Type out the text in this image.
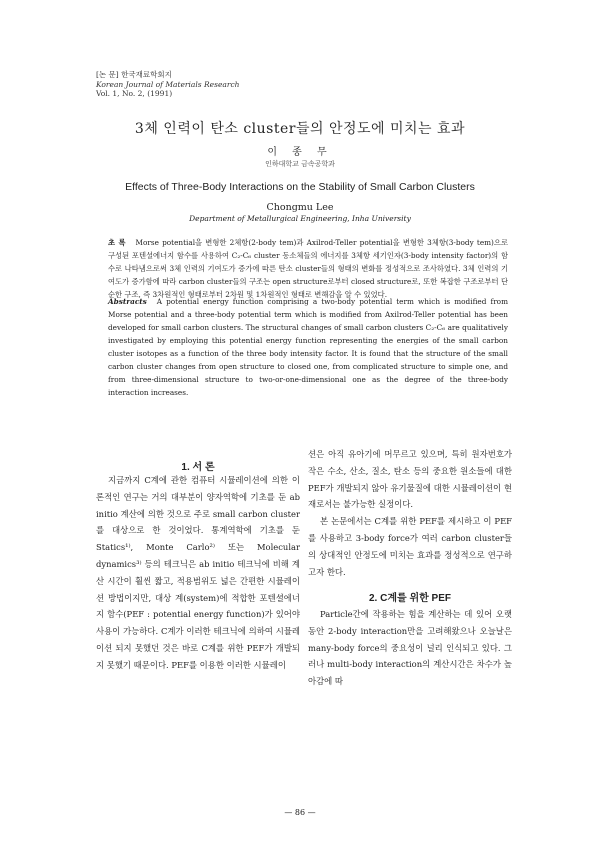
[논 문] 한국재료학회지
Korean Journal of Materials Research
Vol. 1, No. 2, (1991)
3체 인력이 탄소 cluster들의 안정도에 미치는 효과
이 종 무
인하대학교 금속공학과
Effects of Three-Body Interactions on the Stability of Small Carbon Clusters
Chongmu Lee
Department of Metallurgical Engineering, Inha University
초 록 Morse potential을 변형한 2체항(2-body tem)과 Axilrod-Teller potential을 변형한 3체항(3-body tem)으로 구성된 포텐셜에너지 함수를 사용하여 C₂-C₆ cluster 동소체들의 에너지를 3체항 세기인자(3-body intensity factor)의 함수로 나타냄으로써 3체 인력의 기여도가 증가에 따른 탄소 cluster들의 형태의 변화를 정성적으로 조사하였다. 3체 인력의 기여도가 증가함에 따라 carbon cluster들의 구조는 open structure로부터 closed structure로, 또한 복잡한 구조로부터 단순한 구조, 즉 3차원적인 형태로부터 2차원 및 1차원적인 형태로 변해감을 알 수 있었다.
Abstracts A potential energy function comprising a two-body potential term which is modified from Morse potential and a three-body potential term which is modified from Axilrod-Teller potential has been developed for small carbon clusters. The structural changes of small carbon clusters C₂-C₆ are qualitatively investigated by employing this potential energy function representing the energies of the small carbon cluster isotopes as a function of the three body intensity factor. It is found that the structure of the small carbon cluster changes from open structure to closed one, from complicated structure to simple one, and from three-dimensional structure to two-or-one-dimensional one as the degree of the three-body interaction increases.
1. 서 론

지금까지 C계에 관한 컴퓨터 시뮬레이션에 의한 이론적인 연구는 거의 대부분이 양자역학에 기초를 둔 ab initio 계산에 의한 것으로 주로 small carbon cluster를 대상으로 한 것이었다. 통계역학에 기초를 둔 Statics¹⁾, Monte Carlo²⁾ 또는 Molecular dynamics³⁾ 등의 테크닉은 ab initio 테크닉에 비해 계산 시간이 훨씬 짧고, 적용범위도 넓은 간편한 시뮬레이션 방법이지만, 대상 계(system)에 적합한 포텐셜에너지 함수(PEF : potential energy function)가 있어야 사용이 가능하다. C계가 이러한 테크닉에 의하여 시뮬레이션 되지 못했던 것은 바로 C계를 위한 PEF가 개발되지 못했기 때문이다. PEF를 이용한 이러한 시뮬레이

션은 아직 유아기에 머무르고 있으며, 특히 원자번호가 작은 수소, 산소, 질소, 탄소 등의 중요한 원소들에 대한 PEF가 개발되지 않아 유기물질에 대한 시뮬레이션이 현재로서는 불가능한 실정이다.

본 논문에서는 C계를 위한 PEF를 제시하고 이 PEF를 사용하고 3-body force가 여러 carbon cluster들의 상대적인 안정도에 미치는 효과를 정성적으로 연구하고자 한다.

2. C계를 위한 PEF

Particle간에 작용하는 힘을 계산하는 데 있어 오랫동안 2-body interaction만을 고려해왔으나 오늘날은 many-body force의 중요성이 널리 인식되고 있다. 그러나 multi-body interaction의 계산시간은 차수가 높아감에 따

— 86 —
